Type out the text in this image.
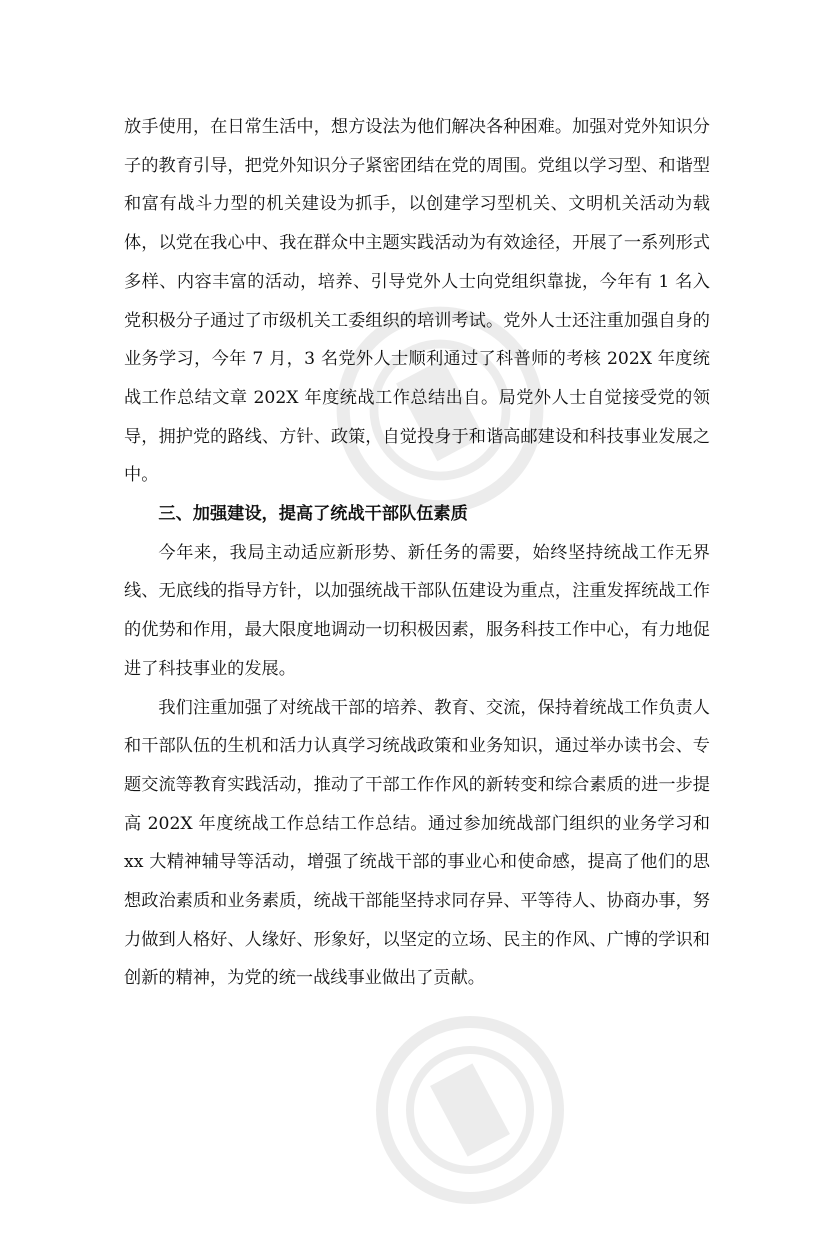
放手使用，在日常生活中，想方设法为他们解决各种困难。加强对党外知识分子的教育引导，把党外知识分子紧密团结在党的周围。党组以学习型、和谐型和富有战斗力型的机关建设为抓手，以创建学习型机关、文明机关活动为载体，以党在我心中、我在群众中主题实践活动为有效途径，开展了一系列形式多样、内容丰富的活动，培养、引导党外人士向党组织靠拢，今年有 1 名入党积极分子通过了市级机关工委组织的培训考试。党外人士还注重加强自身的业务学习，今年 7 月，3 名党外人士顺利通过了科普师的考核 202X 年度统战工作总结文章 202X 年度统战工作总结出自。局党外人士自觉接受党的领导，拥护党的路线、方针、政策，自觉投身于和谐高邮建设和科技事业发展之中。

三、加强建设，提高了统战干部队伍素质

今年来，我局主动适应新形势、新任务的需要，始终坚持统战工作无界线、无底线的指导方针，以加强统战干部队伍建设为重点，注重发挥统战工作的优势和作用，最大限度地调动一切积极因素，服务科技工作中心，有力地促进了科技事业的发展。

我们注重加强了对统战干部的培养、教育、交流，保持着统战工作负责人和干部队伍的生机和活力认真学习统战政策和业务知识，通过举办读书会、专题交流等教育实践活动，推动了干部工作作风的新转变和综合素质的进一步提高 202X 年度统战工作总结工作总结。通过参加统战部门组织的业务学习和 xx 大精神辅导等活动，增强了统战干部的事业心和使命感，提高了他们的思想政治素质和业务素质，统战干部能坚持求同存异、平等待人、协商办事，努力做到人格好、人缘好、形象好，以坚定的立场、民主的作风、广博的学识和创新的精神，为党的统一战线事业做出了贡献。
